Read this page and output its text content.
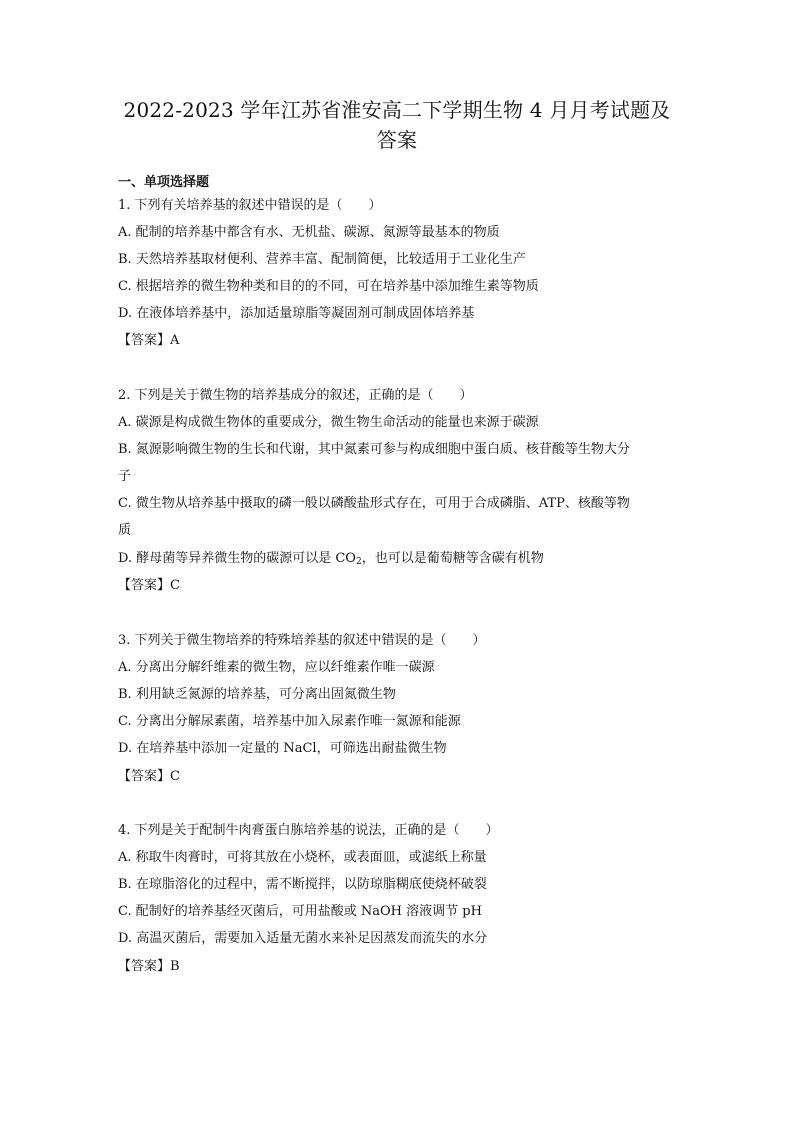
2022-2023 学年江苏省淮安高二下学期生物 4 月月考试题及
答案
一、单项选择题
1. 下列有关培养基的叙述中错误的是（　　）
A. 配制的培养基中都含有水、无机盐、碳源、氮源等最基本的物质
B. 天然培养基取材便利、营养丰富、配制简便，比较适用于工业化生产
C. 根据培养的微生物种类和目的的不同，可在培养基中添加维生素等物质
D. 在液体培养基中，添加适量琼脂等凝固剂可制成固体培养基
【答案】A
2. 下列是关于微生物的培养基成分的叙述，正确的是（　　）
A. 碳源是构成微生物体的重要成分，微生物生命活动的能量也来源于碳源
B. 氮源影响微生物的生长和代谢，其中氮素可参与构成细胞中蛋白质、核苷酸等生物大分
子
C. 微生物从培养基中摄取的磷一般以磷酸盐形式存在，可用于合成磷脂、ATP、核酸等物
质
D. 酵母菌等异养微生物的碳源可以是 $CO_2$，也可以是葡萄糖等含碳有机物
【答案】C
3. 下列关于微生物培养的特殊培养基的叙述中错误的是（　　）
A. 分离出分解纤维素的微生物，应以纤维素作唯一碳源
B. 利用缺乏氮源的培养基，可分离出固氮微生物
C. 分离出分解尿素菌，培养基中加入尿素作唯一氮源和能源
D. 在培养基中添加一定量的 NaCl，可筛选出耐盐微生物
【答案】C
4. 下列是关于配制牛肉膏蛋白胨培养基的说法，正确的是（　　）
A. 称取牛肉膏时，可将其放在小烧杯，或表面皿，或滤纸上称量
B. 在琼脂溶化的过程中，需不断搅拌，以防琼脂糊底使烧杯破裂
C. 配制好的培养基经灭菌后，可用盐酸或 NaOH 溶液调节 pH
D. 高温灭菌后，需要加入适量无菌水来补足因蒸发而流失的水分
【答案】B
